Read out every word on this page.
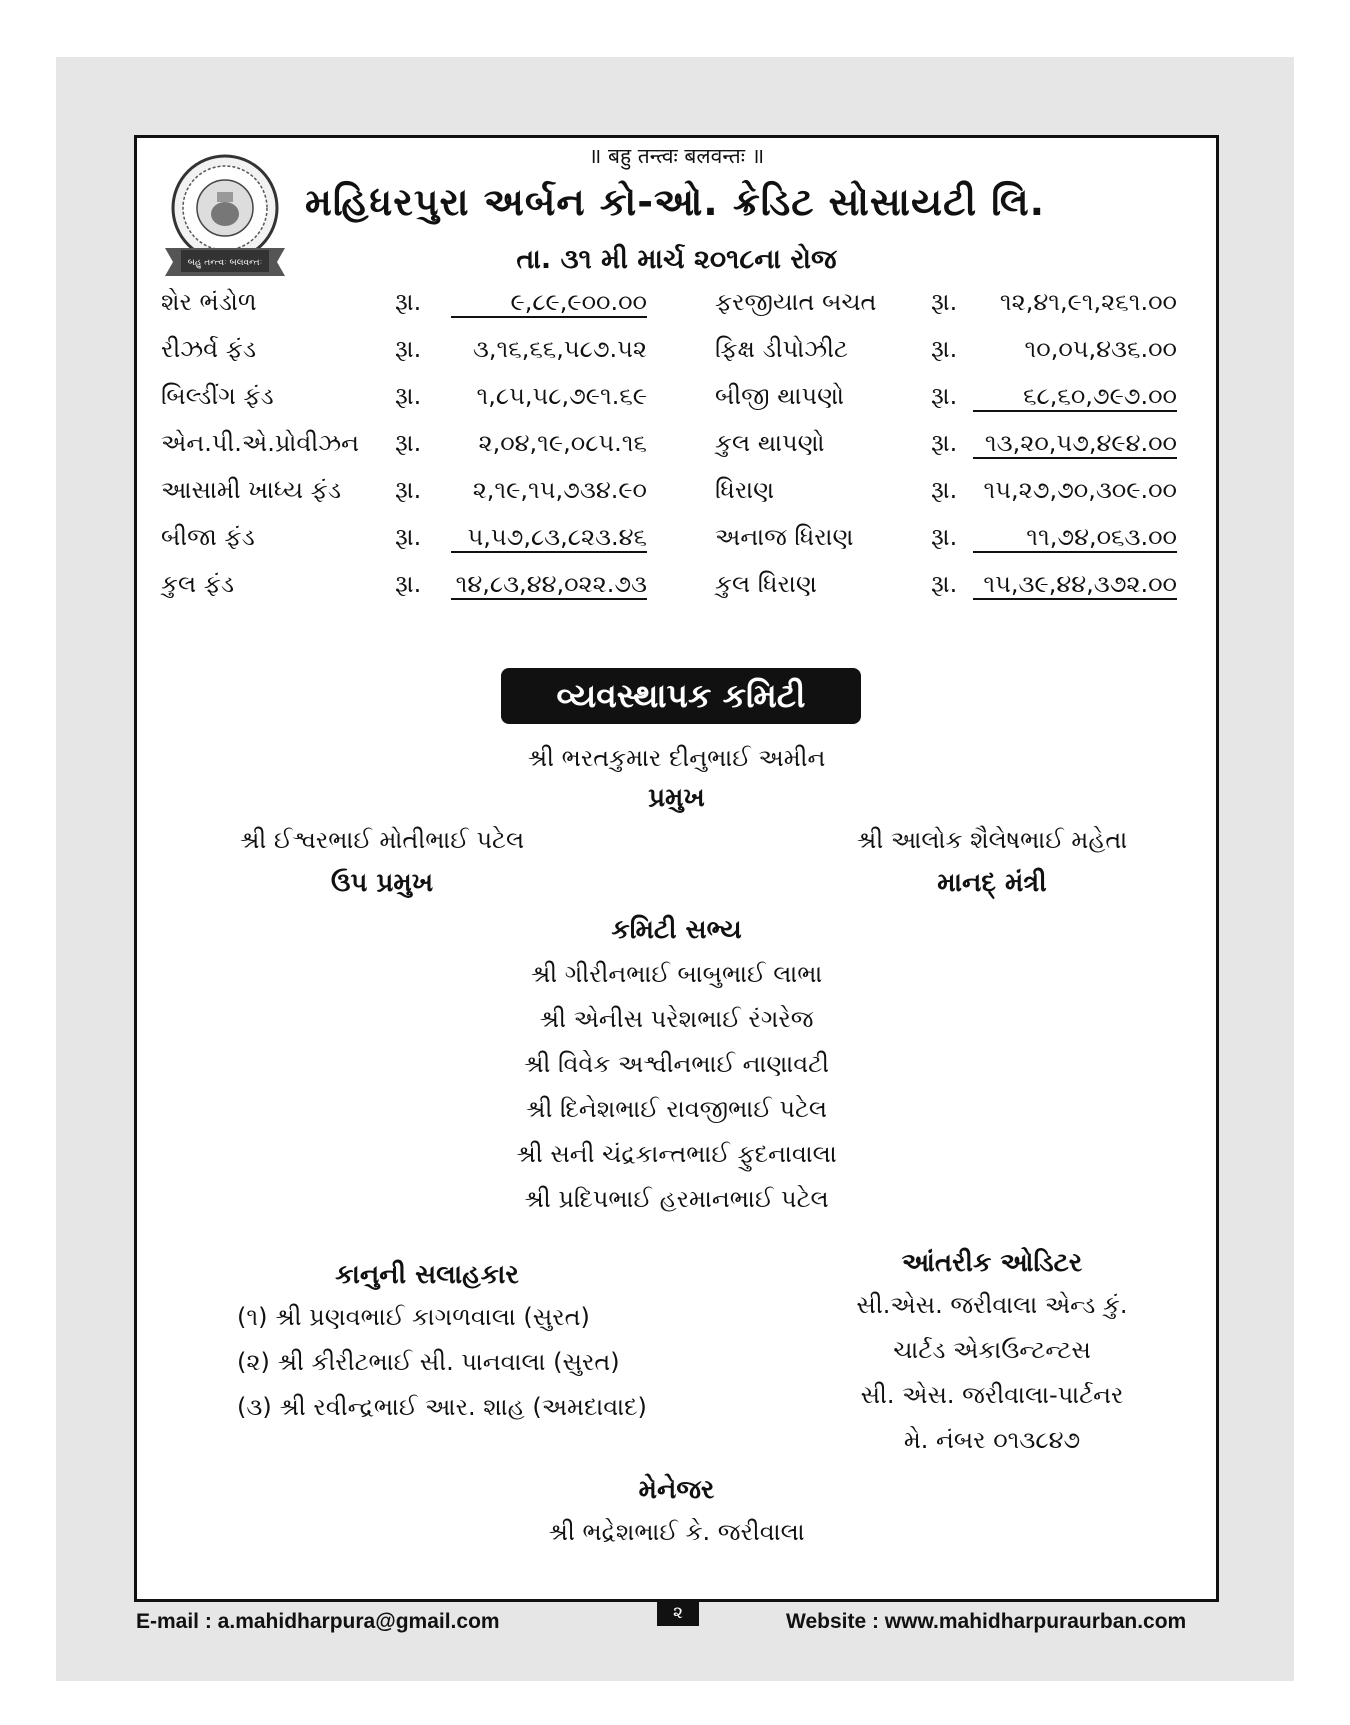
॥ बहु तन्त्वः बलवन्तः ॥
બહુ તન્ત્વઃ બલવન્તઃ
મહિધરપુરા અર્બન કો-ઓ. ક્રેડિટ સોસાયટી લિ.
તા. ૩૧ મી માર્ચ ૨૦૧૮ના રોજ
શેર ભંડોળ	રૂા.	૯,૮૯,૯૦૦.૦૦	ફરજીયાત બચત રૂા.	૧૨,૪૧,૯૧,૨૬૧.૦૦
રીઝર્વ ફંડ	રૂા.	૩,૧૬,૬૬,૫૮૭.૫૨	ફિક્ષ ડીપોઝીટ	રૂા.	૧૦,૦૫,૪૩૬.૦૦
બિલ્ડીંગ ફંડ	રૂા.	૧,૮૫,૫૮,૭૯૧.૬૯	બીજી થાપણો	રૂા.	૬૮,૬૦,૭૯૭.૦૦
એન.પી.એ.પ્રોવીઝન રૂા.	૨,૦૪,૧૯,૦૮૫.૧૬	કુલ થાપણો	રૂા.	૧૩,૨૦,૫૭,૪૯૪.૦૦
આસામી ખાધ્ય ફંડ રૂા.	૨,૧૯,૧૫,૭૩૪.૯૦	ધિરાણ	રૂા.	૧૫,૨૭,૭૦,૩૦૯.૦૦
બીજા ફંડ	રૂા.	૫,૫૭,૮૩,૮૨૩.૪૬	અનાજ ધિરાણ	રૂા.	૧૧,૭૪,૦૬૩.૦૦
કુલ ફંડ	રૂા. ૧૪,૮૩,૪૪,૦૨૨.૭૩	કુલ ધિરાણ	રૂા.	૧૫,૩૯,૪૪,૩૭૨.૦૦
વ્યવસ્થાપક કમિટી
શ્રી ભરતકુમાર દીનુભાઈ અમીન
પ્રમુખ
શ્રી ઈશ્વરભાઈ મોતીભાઈ પટેલ
ઉપ પ્રમુખ
શ્રી આલોક શૈલેષભાઈ મહેતા
માનદ્ મંત્રી
કમિટી સભ્ય
શ્રી ગીરીનભાઈ બાબુભાઈ લાભા
શ્રી એનીસ પરેશભાઈ રંગરેજ
શ્રી વિવેક અશ્વીનભાઈ નાણાવટી
શ્રી દિનેશભાઈ રાવજીભાઈ પટેલ
શ્રી સની ચંદ્રકાન્તભાઈ ફુદનાવાલા
શ્રી પ્રદિપભાઈ હરમાનભાઈ પટેલ
કાનુની સલાહકાર
(૧) શ્રી પ્રણવભાઈ કાગળવાલા (સુરત)
(૨) શ્રી કીરીટભાઈ સી. પાનવાલા (સુરત)
(૩) શ્રી રવીન્દ્રભાઈ આર. શાહ (અમદાવાદ)
આંતરીક ઓડિટર
સી.એસ. જરીવાલા એન્ડ કું.
ચાર્ટડ એકાઉન્ટન્ટસ
સી. એસ. જરીવાલા-પાર્ટનર
મે. નંબર ૦૧૩૮૪૭
મેનેજર
શ્રી ભદ્રેશભાઈ કે. જરીવાલા
E-mail : a.mahidharpura@gmail.com	૨	Website : www.mahidharpuraurban.com
